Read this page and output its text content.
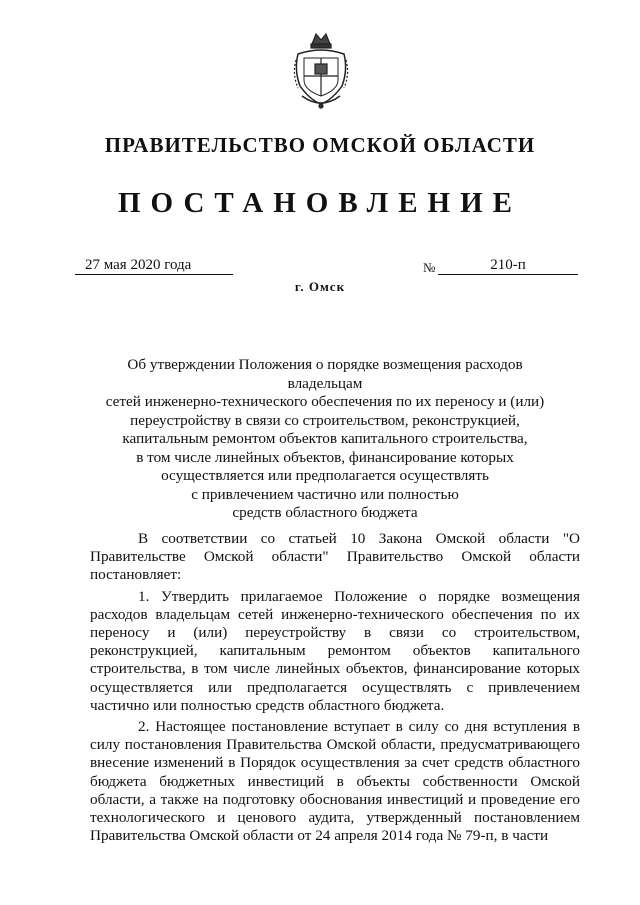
ПРАВИТЕЛЬСТВО ОМСКОЙ ОБЛАСТИ
ПОСТАНОВЛЕНИЕ
27 мая 2020 года	№	210-п
г. Омск
Об утверждении Положения о порядке возмещения расходов владельцам
сетей инженерно-технического обеспечения по их переносу и (или)
переустройству в связи со строительством, реконструкцией,
капитальным ремонтом объектов капитального строительства,
в том числе линейных объектов, финансирование которых
осуществляется или предполагается осуществлять
с привлечением частично или полностью
средств областного бюджета

В соответствии со статьей 10 Закона Омской области "О Правительстве Омской области" Правительство Омской области постановляет:

1. Утвердить прилагаемое Положение о порядке возмещения расходов владельцам сетей инженерно-технического обеспечения по их переносу и (или) переустройству в связи со строительством, реконструкцией, капитальным ремонтом объектов капитального строительства, в том числе линейных объектов, финансирование которых осуществляется или предполагается осуществлять с привлечением частично или полностью средств областного бюджета.

2. Настоящее постановление вступает в силу со дня вступления в силу постановления Правительства Омской области, предусматривающего внесение изменений в Порядок осуществления за счет средств областного бюджета бюджетных инвестиций в объекты собственности Омской области, а также на подготовку обоснования инвестиций и проведение его технологического и ценового аудита, утвержденный постановлением Правительства Омской области от 24 апреля 2014 года № 79-п, в части
